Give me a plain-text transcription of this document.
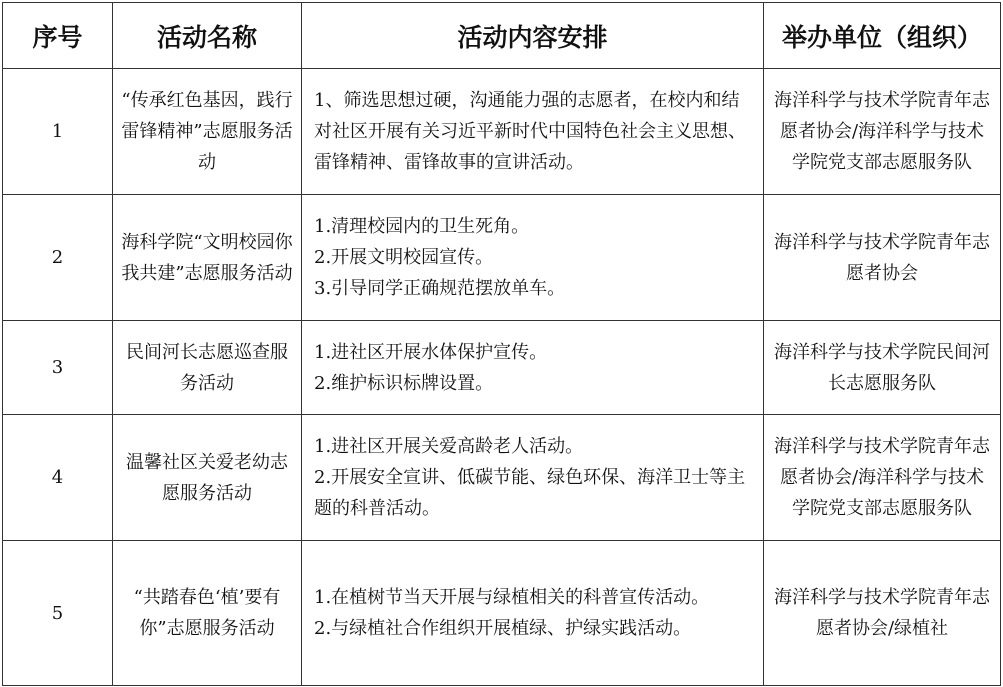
序号	活动名称	活动内容安排	举办单位（组织）
1	“传承红色基因，践行雷锋精神”志愿服务活动	1、筛选思想过硬，沟通能力强的志愿者，在校内和结对社区开展有关习近平新时代中国特色社会主义思想、雷锋精神、雷锋故事的宣讲活动。	海洋科学与技术学院青年志愿者协会/海洋科学与技术学院党支部志愿服务队
2	海科学院“文明校园你我共建”志愿服务活动	1.清理校园内的卫生死角。
2.开展文明校园宣传。
3.引导同学正确规范摆放单车。	海洋科学与技术学院青年志愿者协会
3	民间河长志愿巡查服务活动	1.进社区开展水体保护宣传。
2.维护标识标牌设置。	海洋科学与技术学院民间河长志愿服务队
4	温馨社区关爱老幼志愿服务活动	1.进社区开展关爱高龄老人活动。
2.开展安全宣讲、低碳节能、绿色环保、海洋卫士等主题的科普活动。	海洋科学与技术学院青年志愿者协会/海洋科学与技术学院党支部志愿服务队
5	“共踏春色‘植’要有你”志愿服务活动	1.在植树节当天开展与绿植相关的科普宣传活动。
2.与绿植社合作组织开展植绿、护绿实践活动。	海洋科学与技术学院青年志愿者协会/绿植社
